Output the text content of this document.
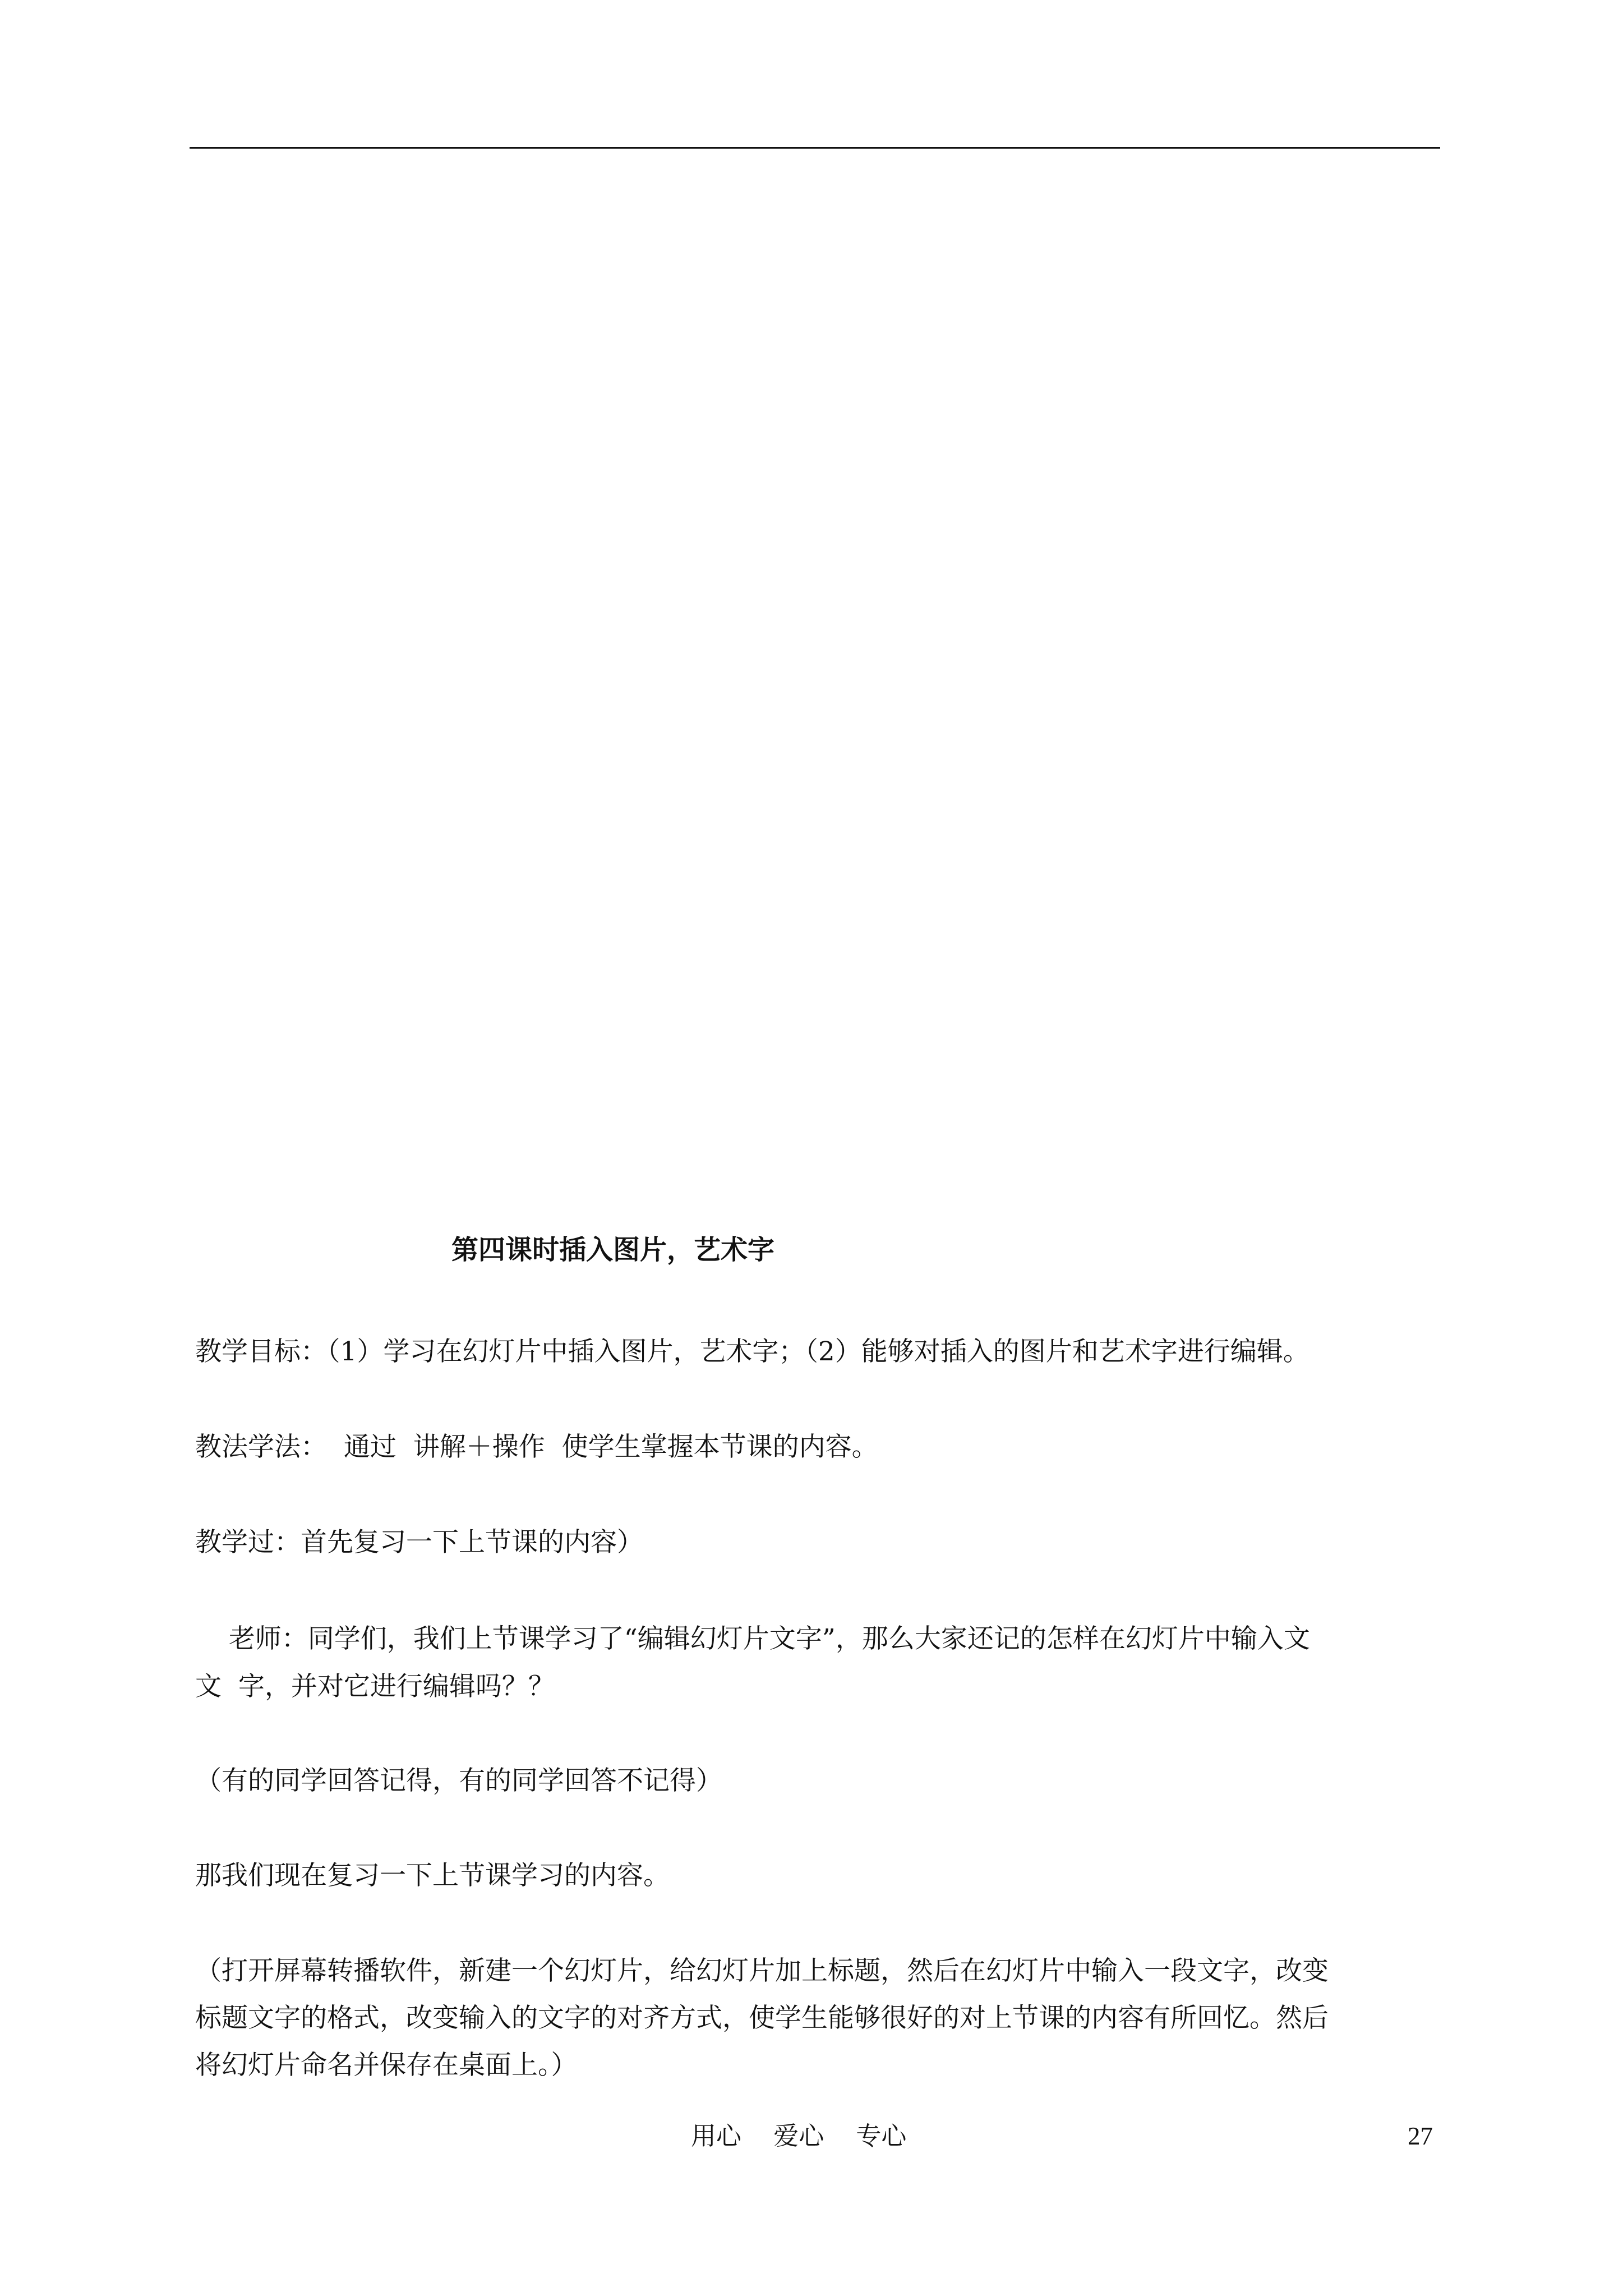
第四课时插入图片，艺术字
教学目标：（1）学习在幻灯片中插入图片，艺术字；（2）能够对插入的图片和艺术字进行编辑。
教法学法：  通过  讲解＋操作  使学生掌握本节课的内容。
教学过：首先复习一下上节课的内容）
老师：同学们，我们上节课学习了“编辑幻灯片文字”，那么大家还记的怎样在幻灯片中输入文
文  字，并对它进行编辑吗？？
（有的同学回答记得，有的同学回答不记得）
那我们现在复习一下上节课学习的内容。
（打开屏幕转播软件，新建一个幻灯片，给幻灯片加上标题，然后在幻灯片中输入一段文字，改变
标题文字的格式，改变输入的文字的对齐方式，使学生能够很好的对上节课的内容有所回忆。然后
将幻灯片命名并保存在桌面上。）
用心    爱心    专心	27
